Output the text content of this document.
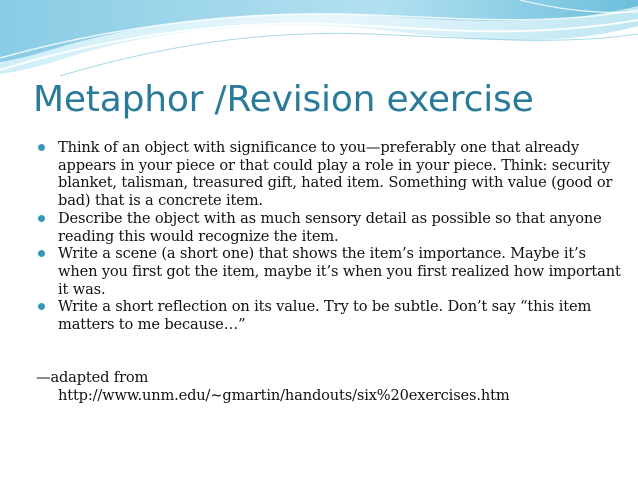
Metaphor /Revision exercise
Think of an object with significance to you—preferably one that already appears in your piece or that could play a role in your piece. Think: security blanket, talisman, treasured gift, hated item. Something with value (good or bad) that is a concrete item.
Describe the object with as much sensory detail as possible so that anyone reading this would recognize the item.
Write a scene (a short one) that shows the item’s importance. Maybe it’s when you first got the item, maybe it’s when you first realized how important it was.
Write a short reflection on its value. Try to be subtle. Don’t say “this item matters to me because…”
—adapted from
http://www.unm.edu/~gmartin/handouts/six%20exercises.htm
